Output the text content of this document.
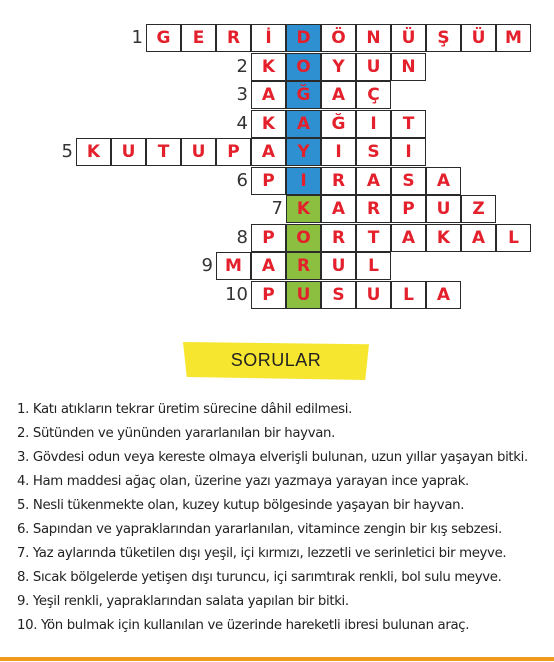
1 G	E	R	İ	D	Ö	N	Ü	Ş	Ü	M
2 K	O	Y	U	N
3 A	Ğ	A	Ç
4 K	A	Ğ	I	T
5 K	U	T	U	P	A	Y	I	S	I
6 P	I	R	A	S	A
7 K	A	R	P	U	Z
8 P	O	R	T	A	K	A	L
9 M	A	R	U	L
10 P	U	S	U	L	A
SORULAR
1. Katı atıkların tekrar üretim sürecine dâhil edilmesi.
2. Sütünden ve yününden yararlanılan bir hayvan.
3. Gövdesi odun veya kereste olmaya elverişli bulunan, uzun yıllar yaşayan bitki.
4. Ham maddesi ağaç olan, üzerine yazı yazmaya yarayan ince yaprak.
5. Nesli tükenmekte olan, kuzey kutup bölgesinde yaşayan bir hayvan.
6. Sapından ve yapraklarından yararlanılan, vitamince zengin bir kış sebzesi.
7. Yaz aylarında tüketilen dışı yeşil, içi kırmızı, lezzetli ve serinletici bir meyve.
8. Sıcak bölgelerde yetişen dışı turuncu, içi sarımtırak renkli, bol sulu meyve.
9. Yeşil renkli, yapraklarından salata yapılan bir bitki.
10. Yön bulmak için kullanılan ve üzerinde hareketli ibresi bulunan araç.
